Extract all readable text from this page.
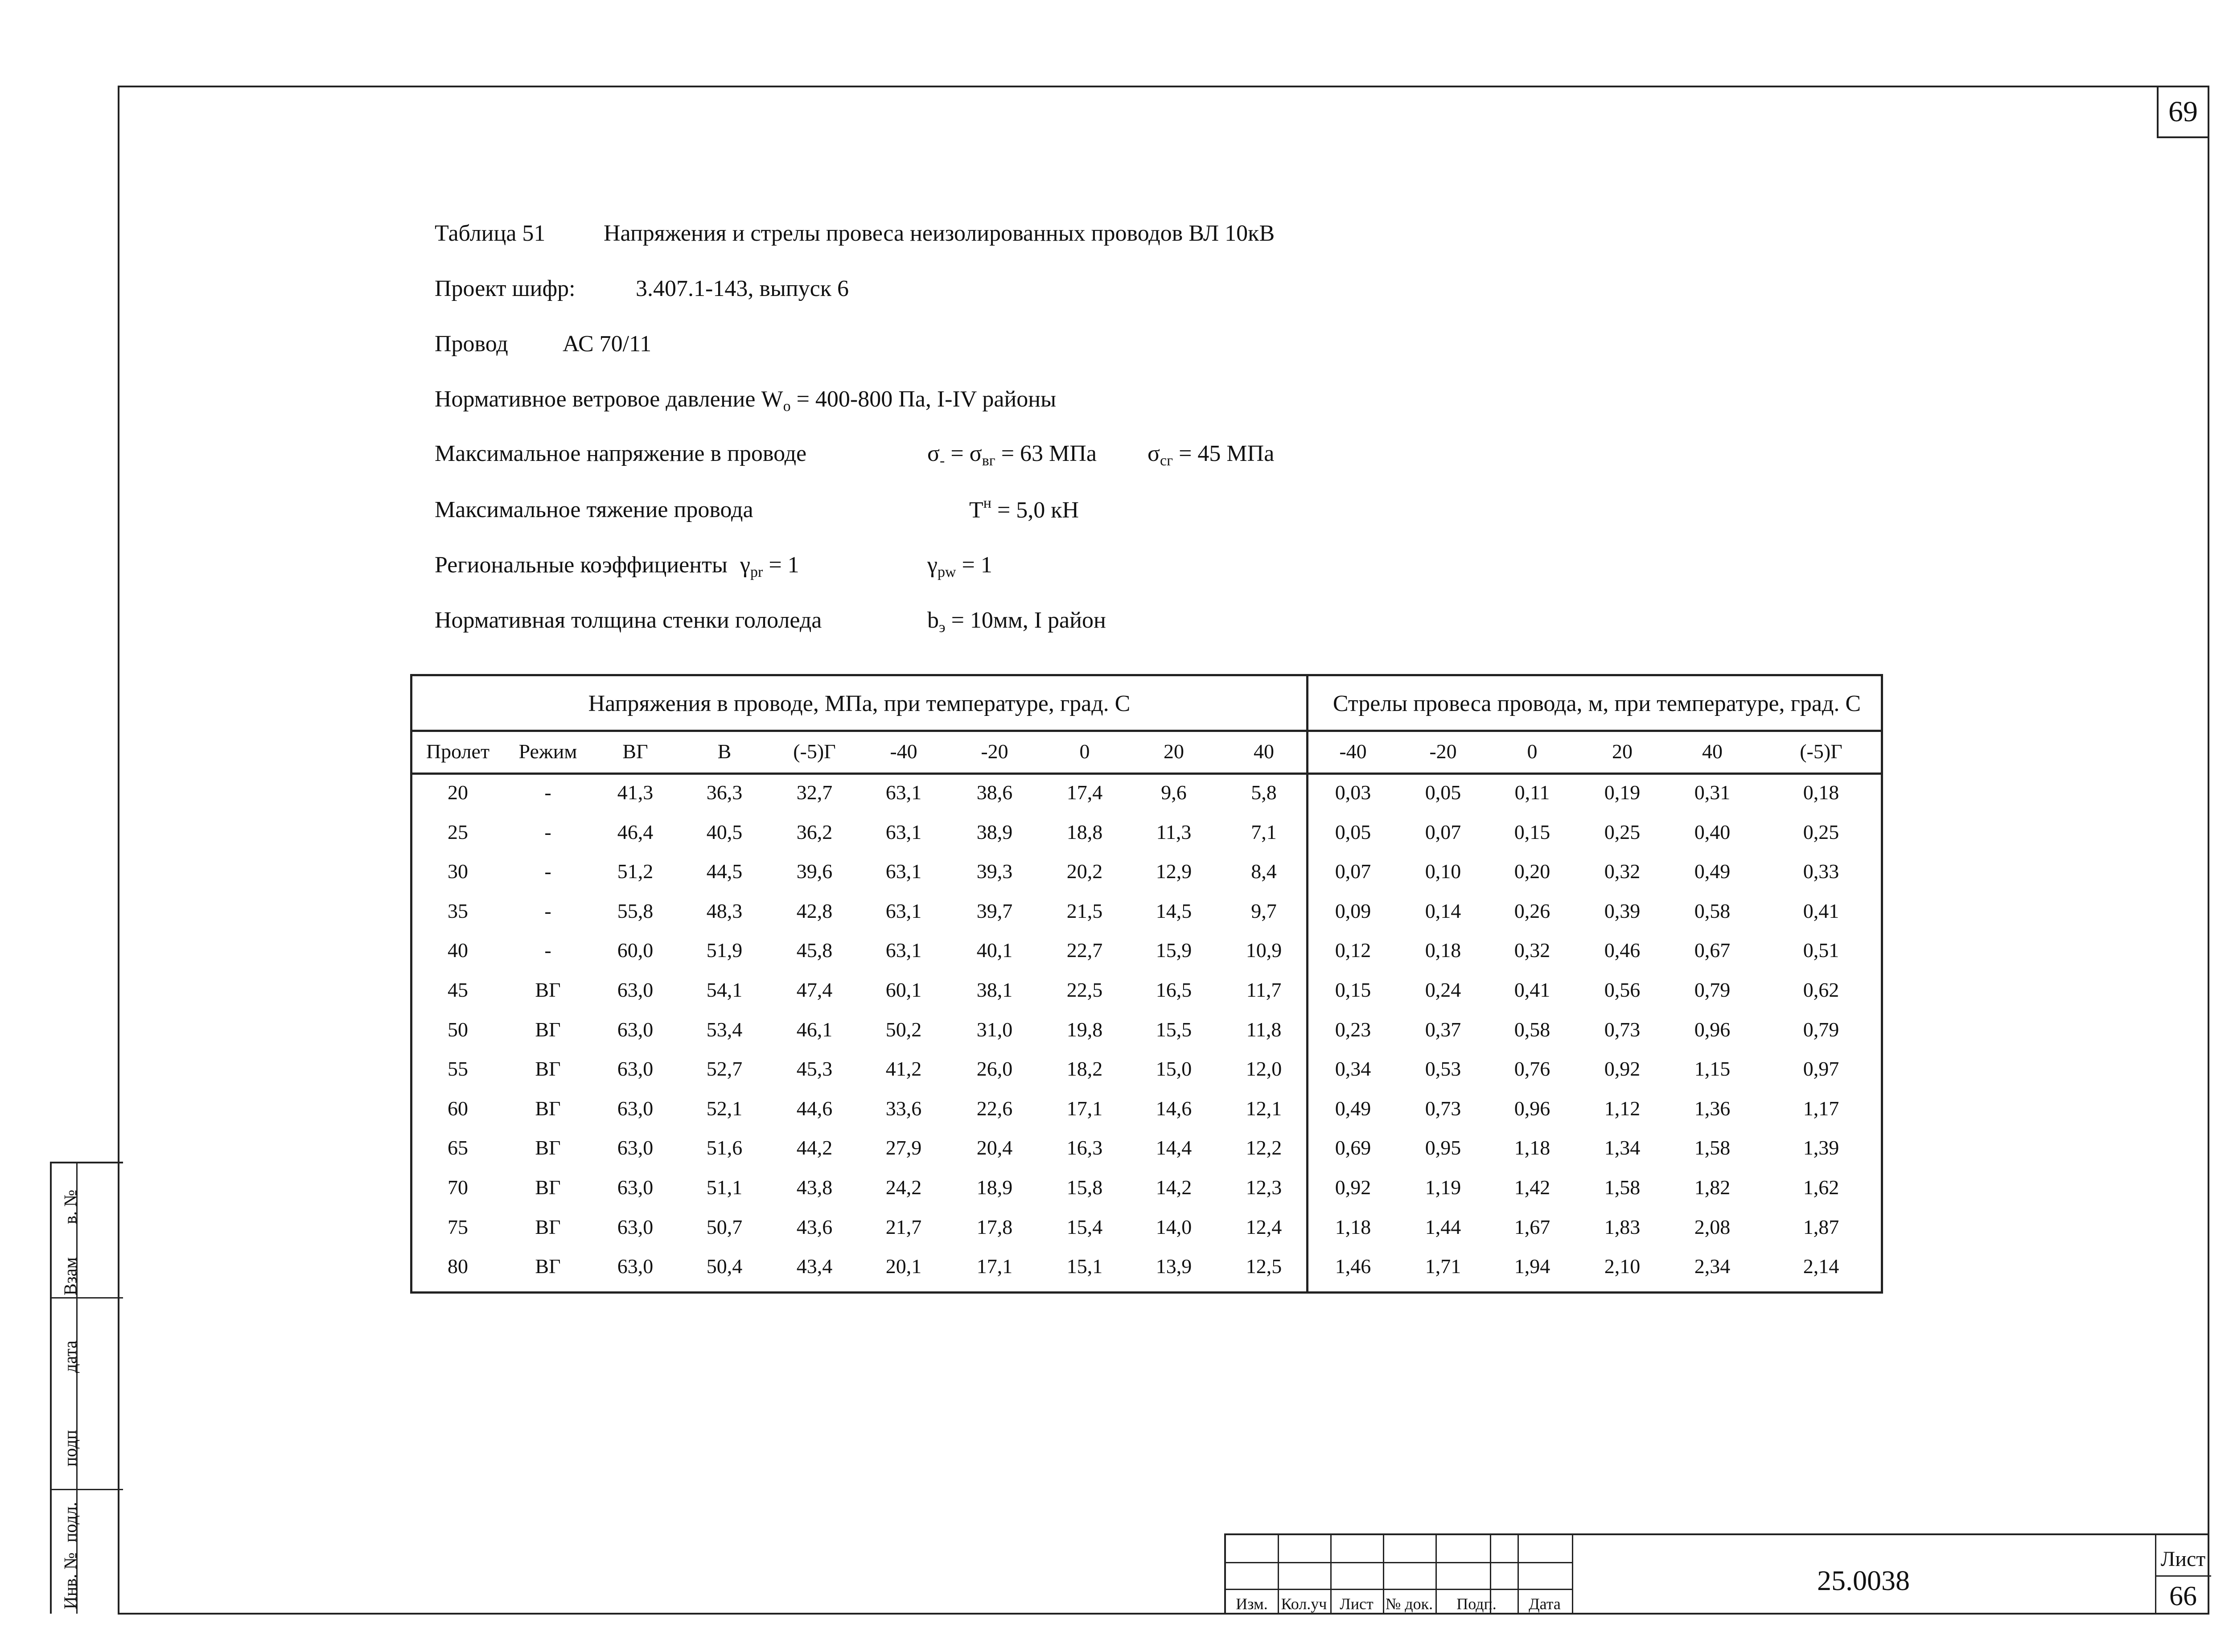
69
Таблица 51	Напряжения и стрелы провеса неизолированных проводов ВЛ 10кВ
Проект шифр:	3.407.1-143, выпуск 6
Провод АС 70/11
Нормативное ветровое давление $W_o = 400-800$ Па, I-IV районы
Максимальное напряжение в проводе	$\sigma_- = \sigma_{вг} = 63$ МПа $\sigma_{сг} = 45$ МПа
Максимальное тяжение провода	$T^н = 5,0$ кН
Региональные коэффициенты $\gamma_{pr} = 1$	$\gamma_{pw} = 1$
Нормативная толщина стенки гололеда	$b_э = 10мм$, I район
Напряжения в проводе, МПа, при температуре, град. С	Стрелы провеса провода, м, при температуре, град. С
Пролет	Режим	ВГ	В	(-5)Г	-40	-20	0	20	40	-40	-20	0	20	40	(-5)Г
20	-	41,3	36,3	32,7	63,1	38,6	17,4	9,6	5,8	0,03	0,05	0,11	0,19	0,31	0,18
25	-	46,4	40,5	36,2	63,1	38,9	18,8	11,3	7,1	0,05	0,07	0,15	0,25	0,40	0,25
30	-	51,2	44,5	39,6	63,1	39,3	20,2	12,9	8,4	0,07	0,10	0,20	0,32	0,49	0,33
35	-	55,8	48,3	42,8	63,1	39,7	21,5	14,5	9,7	0,09	0,14	0,26	0,39	0,58	0,41
40	-	60,0	51,9	45,8	63,1	40,1	22,7	15,9	10,9	0,12	0,18	0,32	0,46	0,67	0,51
45	ВГ	63,0	54,1	47,4	60,1	38,1	22,5	16,5	11,7	0,15	0,24	0,41	0,56	0,79	0,62
50	ВГ	63,0	53,4	46,1	50,2	31,0	19,8	15,5	11,8	0,23	0,37	0,58	0,73	0,96	0,79
55	ВГ	63,0	52,7	45,3	41,2	26,0	18,2	15,0	12,0	0,34	0,53	0,76	0,92	1,15	0,97
60	ВГ	63,0	52,1	44,6	33,6	22,6	17,1	14,6	12,1	0,49	0,73	0,96	1,12	1,36	1,17
65	ВГ	63,0	51,6	44,2	27,9	20,4	16,3	14,4	12,2	0,69	0,95	1,18	1,34	1,58	1,39
70	ВГ	63,0	51,1	43,8	24,2	18,9	15,8	14,2	12,3	0,92	1,19	1,42	1,58	1,82	1,62
75	ВГ	63,0	50,7	43,6	21,7	17,8	15,4	14,0	12,4	1,18	1,44	1,67	1,83	2,08	1,87
80	ВГ	63,0	50,4	43,4	20,1	17,1	15,1	13,9	12,5	1,46	1,71	1,94	2,10	2,34	2,14
в. №
Взам
дата
подп
подл.
Инв. №	Изм. Кол.уч Лист № док.	Подп.	Дата
25.0038
Лист
66
